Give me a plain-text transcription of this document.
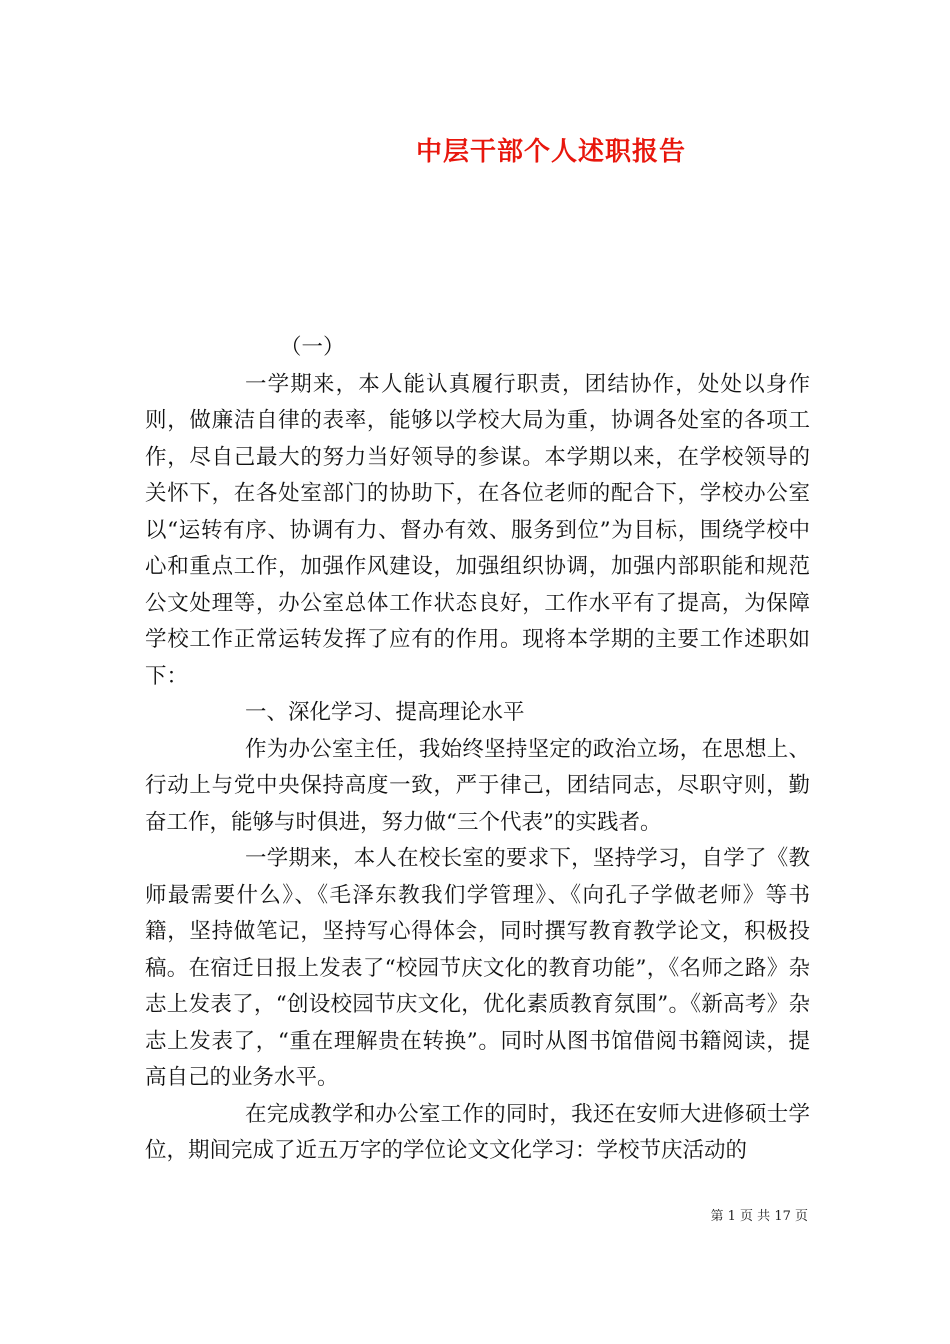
中层干部个人述职报告

（一）

一学期来，本人能认真履行职责，团结协作，处处以身作则，做廉洁自律的表率，能够以学校大局为重，协调各处室的各项工作，尽自己最大的努力当好领导的参谋。本学期以来，在学校领导的关怀下，在各处室部门的协助下，在各位老师的配合下，学校办公室以“运转有序、协调有力、督办有效、服务到位”为目标，围绕学校中心和重点工作，加强作风建设，加强组织协调，加强内部职能和规范公文处理等，办公室总体工作状态良好，工作水平有了提高，为保障学校工作正常运转发挥了应有的作用。现将本学期的主要工作述职如下：

一、深化学习、提高理论水平

作为办公室主任，我始终坚持坚定的政治立场，在思想上、行动上与党中央保持高度一致，严于律己，团结同志，尽职守则，勤奋工作，能够与时俱进，努力做“三个代表”的实践者。

一学期来，本人在校长室的要求下，坚持学习，自学了《教师最需要什么》、《毛泽东教我们学管理》、《向孔子学做老师》等书籍，坚持做笔记，坚持写心得体会，同时撰写教育教学论文，积极投稿。在宿迁日报上发表了“校园节庆文化的教育功能”，《名师之路》杂志上发表了，“创设校园节庆文化，优化素质教育氛围”。《新高考》杂志上发表了，“重在理解贵在转换”。同时从图书馆借阅书籍阅读，提高自己的业务水平。

在完成教学和办公室工作的同时，我还在安师大进修硕士学位，期间完成了近五万字的学位论文文化学习：学校节庆活动的

第 1 页 共 17 页
